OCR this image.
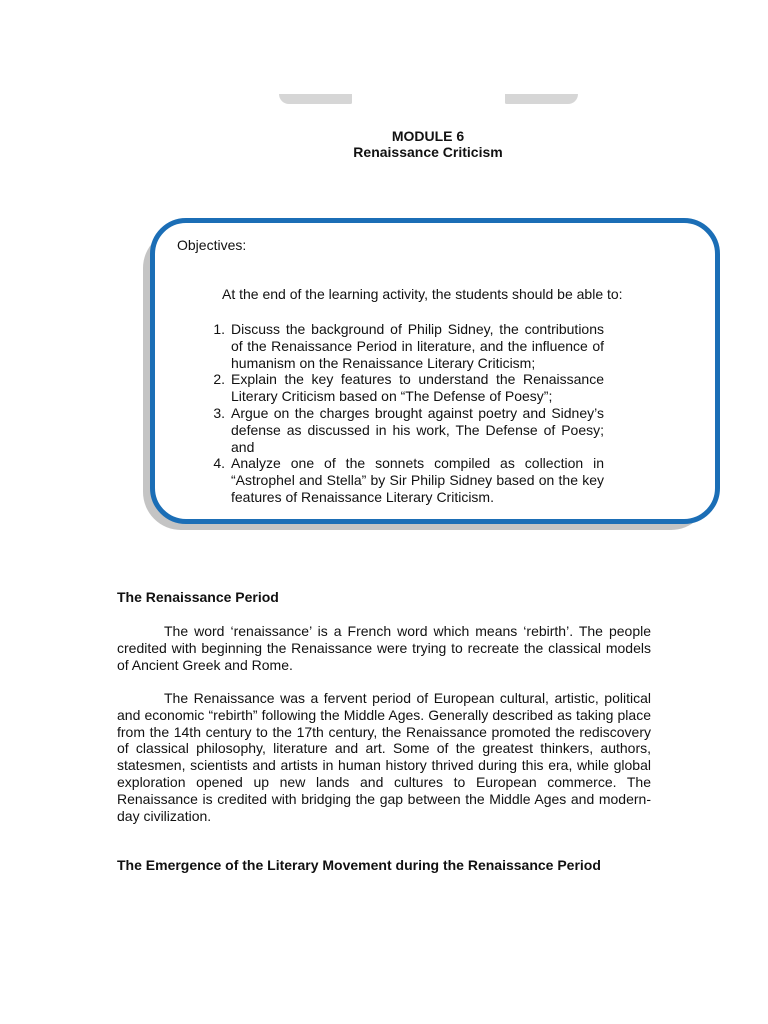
MODULE 6
Renaissance Criticism
Objectives:
At the end of the learning activity, the students should be able to:
1. Discuss the background of Philip Sidney, the contributions of the Renaissance Period in literature, and the influence of humanism on the Renaissance Literary Criticism;
2. Explain the key features to understand the Renaissance Literary Criticism based on “The Defense of Poesy”;
3. Argue on the charges brought against poetry and Sidney’s defense as discussed in his work, The Defense of Poesy; and
4. Analyze one of the sonnets compiled as collection in “Astrophel and Stella” by Sir Philip Sidney based on the key features of Renaissance Literary Criticism.
The Renaissance Period

The word ‘renaissance’ is a French word which means ‘rebirth’. The people credited with beginning the Renaissance were trying to recreate the classical models of Ancient Greek and Rome.

The Renaissance was a fervent period of European cultural, artistic, political and economic “rebirth” following the Middle Ages. Generally described as taking place from the 14th century to the 17th century, the Renaissance promoted the rediscovery of classical philosophy, literature and art. Some of the greatest thinkers, authors, statesmen, scientists and artists in human history thrived during this era, while global exploration opened up new lands and cultures to European commerce. The Renaissance is credited with bridging the gap between the Middle Ages and modern-day civilization.

The Emergence of the Literary Movement during the Renaissance Period
